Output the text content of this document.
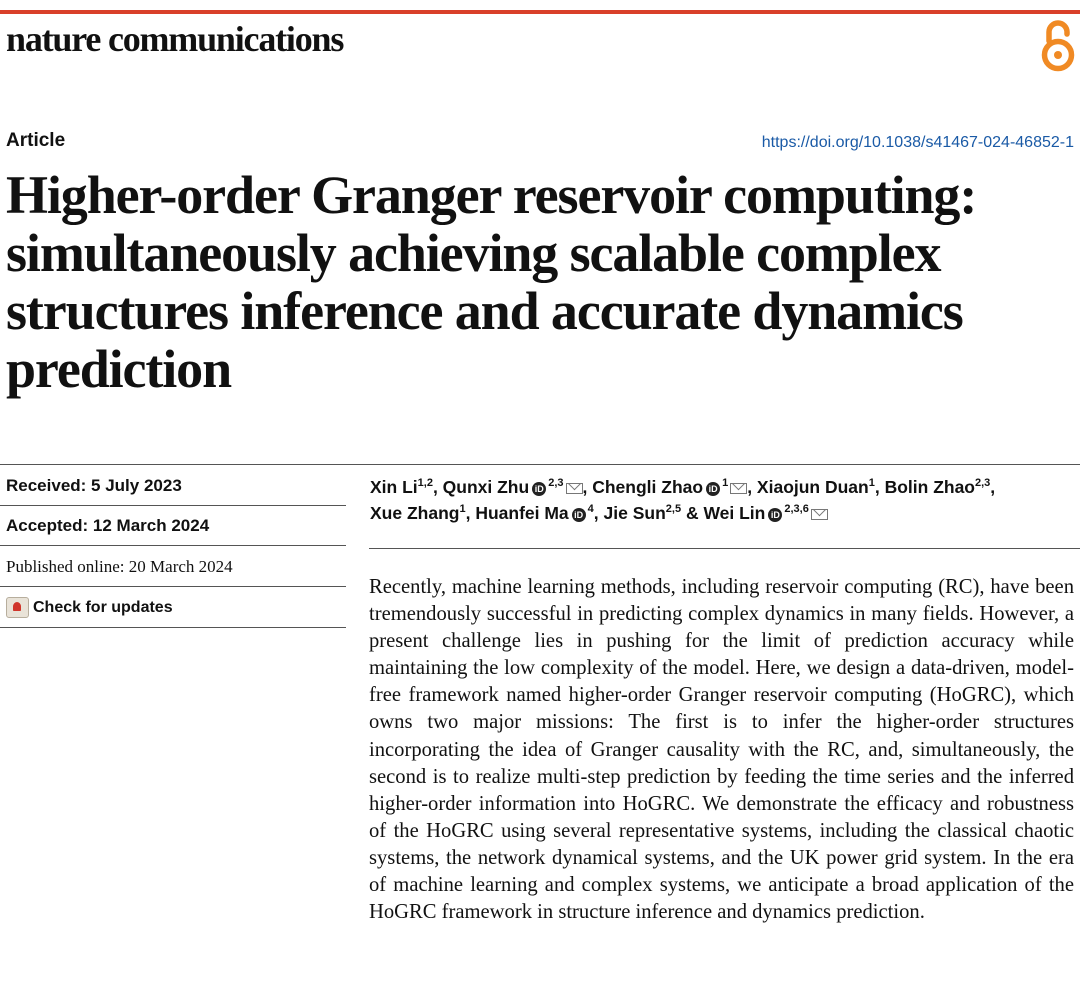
nature communications
Article	https://doi.org/10.1038/s41467-024-46852-1
Higher-order Granger reservoir computing: simultaneously achieving scalable complex structures inference and accurate dynamics prediction
Received: 5 July 2023
Accepted: 12 March 2024
Published online: 20 March 2024
Check for updates
Xin Li$^{1,2}$, Qunxi Zhu iD $^{2,3}$ , Chengli Zhao iD $^1$ , Xiaojun Duan$^1$, Bolin Zhao$^{2,3}$, Xue Zhang$^1$, Huanfei Ma iD $^4$, Jie Sun$^{2,5}$ & Wei Lin iD $^{2,3,6}$

Recently, machine learning methods, including reservoir computing (RC), have been tremendously successful in predicting complex dynamics in many fields. However, a present challenge lies in pushing for the limit of prediction accuracy while maintaining the low complexity of the model. Here, we design a data-driven, model-free framework named higher-order Granger reservoir computing (HoGRC), which owns two major missions: The first is to infer the higher-order structures incorporating the idea of Granger causality with the RC, and, simultaneously, the second is to realize multi-step prediction by feeding the time series and the inferred higher-order information into HoGRC. We demonstrate the efficacy and robustness of the HoGRC using several representative systems, including the classical chaotic systems, the network dynamical systems, and the UK power grid system. In the era of machine learning and complex systems, we anticipate a broad application of the HoGRC framework in structure inference and dynamics prediction.
